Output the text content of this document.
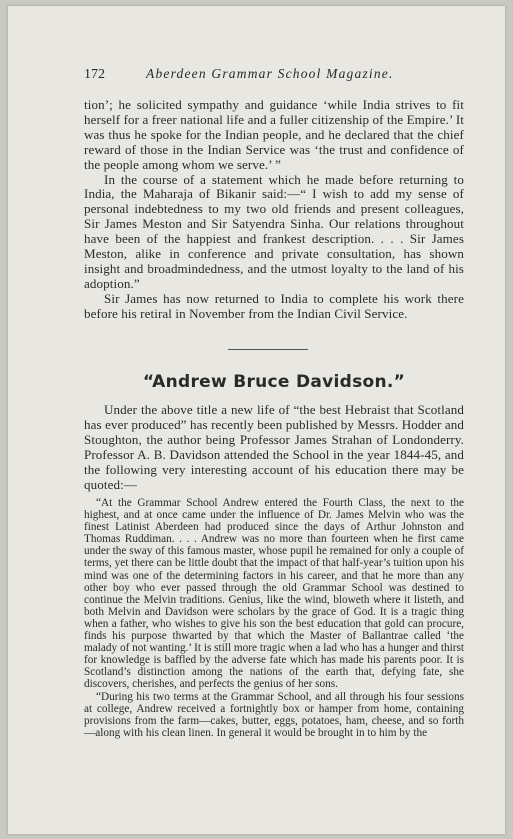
172	Aberdeen Grammar School Magazine.

tion’; he solicited sympathy and guidance ‘while India strives to fit herself for a freer national life and a fuller citizenship of the Empire.’ It was thus he spoke for the Indian people, and he declared that the chief reward of those in the Indian Service was ‘the trust and confidence of the people among whom we serve.’ ”

In the course of a statement which he made before returning to India, the Maharaja of Bikanir said:—“ I wish to add my sense of personal indebtedness to my two old friends and present colleagues, Sir James Meston and Sir Satyendra Sinha. Our relations throughout have been of the happiest and frankest description. . . . Sir James Meston, alike in conference and private consultation, has shown insight and broadmindedness, and the utmost loyalty to the land of his adoption.”

Sir James has now returned to India to complete his work there before his retiral in November from the Indian Civil Service.

“Andrew Bruce Davidson.”

Under the above title a new life of “the best Hebraist that Scotland has ever produced” has recently been published by Messrs. Hodder and Stoughton, the author being Professor James Strahan of Londonderry. Professor A. B. Davidson attended the School in the year 1844-45, and the following very interesting account of his education there may be quoted:—

“At the Grammar School Andrew entered the Fourth Class, the next to the highest, and at once came under the influence of Dr. James Melvin who was the finest Latinist Aberdeen had produced since the days of Arthur Johnston and Thomas Ruddiman. . . . Andrew was no more than fourteen when he first came under the sway of this famous master, whose pupil he remained for only a couple of terms, yet there can be little doubt that the impact of that half-year’s tuition upon his mind was one of the determining factors in his career, and that he more than any other boy who ever passed through the old Grammar School was destined to continue the Melvin traditions. Genius, like the wind, bloweth where it listeth, and both Melvin and Davidson were scholars by the grace of God. It is a tragic thing when a father, who wishes to give his son the best education that gold can procure, finds his purpose thwarted by that which the Master of Ballantrae called ‘the malady of not wanting.’ It is still more tragic when a lad who has a hunger and thirst for knowledge is baffled by the adverse fate which has made his parents poor. It is Scotland’s distinction among the nations of the earth that, defying fate, she discovers, cherishes, and perfects the genius of her sons.

“During his two terms at the Grammar School, and all through his four sessions at college, Andrew received a fortnightly box or hamper from home, containing provisions from the farm—cakes, butter, eggs, potatoes, ham, cheese, and so forth—along with his clean linen. In general it would be brought in to him by the
